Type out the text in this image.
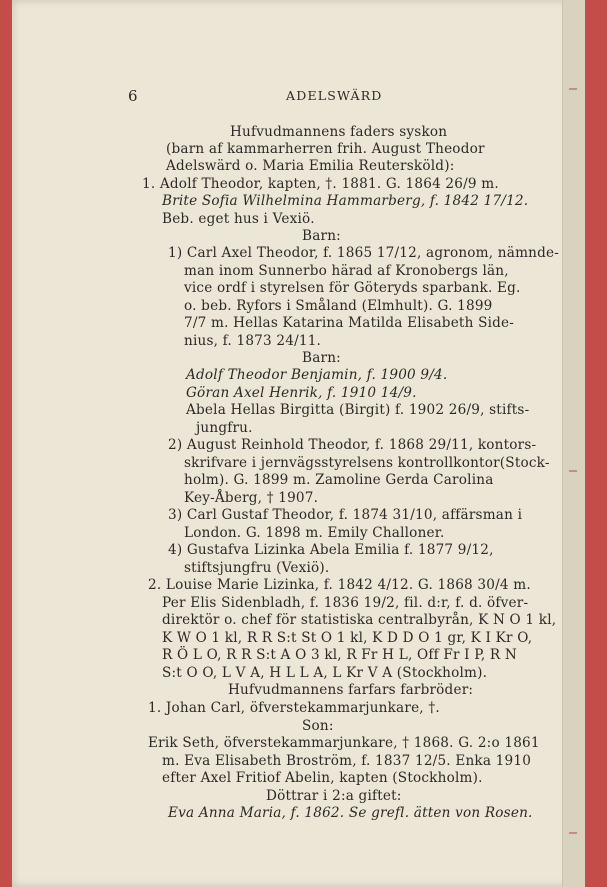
6	ADELSWÄRD
Hufvudmannens faders syskon
(barn af kammarherren frih. August Theodor
Adelswärd o. Maria Emilia Reutersköld):
1. Adolf Theodor, kapten, †. 1881. G. 1864 26/9 m.
Brite Sofia Wilhelmina Hammarberg, f. 1842 17/12.
Beb. eget hus i Vexiö.
Barn:
1) Carl Axel Theodor, f. 1865 17/12, agronom, nämnde-
man inom Sunnerbo härad af Kronobergs län,
vice ordf i styrelsen för Göteryds sparbank. Eg.
o. beb. Ryfors i Småland (Elmhult). G. 1899
7/7 m. Hellas Katarina Matilda Elisabeth Side-
nius, f. 1873 24/11.
Barn:
Adolf Theodor Benjamin, f. 1900 9/4.
Göran Axel Henrik, f. 1910 14/9.
Abela Hellas Birgitta (Birgit) f. 1902 26/9, stifts-
jungfru.
2) August Reinhold Theodor, f. 1868 29/11, kontors-
skrifvare i jernvägsstyrelsens kontrollkontor(Stock-
holm). G. 1899 m. Zamoline Gerda Carolina
Key-Åberg, † 1907.
3) Carl Gustaf Theodor, f. 1874 31/10, affärsman i
London. G. 1898 m. Emily Challoner.
4) Gustafva Lizinka Abela Emilia f. 1877 9/12,
stiftsjungfru (Vexiö).
2. Louise Marie Lizinka, f. 1842 4/12. G. 1868 30/4 m.
Per Elis Sidenbladh, f. 1836 19/2, fil. d:r, f. d. öfver-
direktör o. chef för statistiska centralbyrån, K N O 1 kl,
K W O 1 kl, R R S:t St O 1 kl, K D D O 1 gr, K I Kr O,
R Ö L O, R R S:t A O 3 kl, R Fr H L, Off Fr I P, R N
S:t O O, L V A, H L L A, L Kr V A (Stockholm).
Hufvudmannens farfars farbröder:
1. Johan Carl, öfverstekammarjunkare, †.
Son:
Erik Seth, öfverstekammarjunkare, † 1868. G. 2:o 1861
m. Eva Elisabeth Broström, f. 1837 12/5. Enka 1910
efter Axel Fritiof Abelin, kapten (Stockholm).
Döttrar i 2:a giftet:
Eva Anna Maria, f. 1862. Se grefl. ätten von Rosen.
